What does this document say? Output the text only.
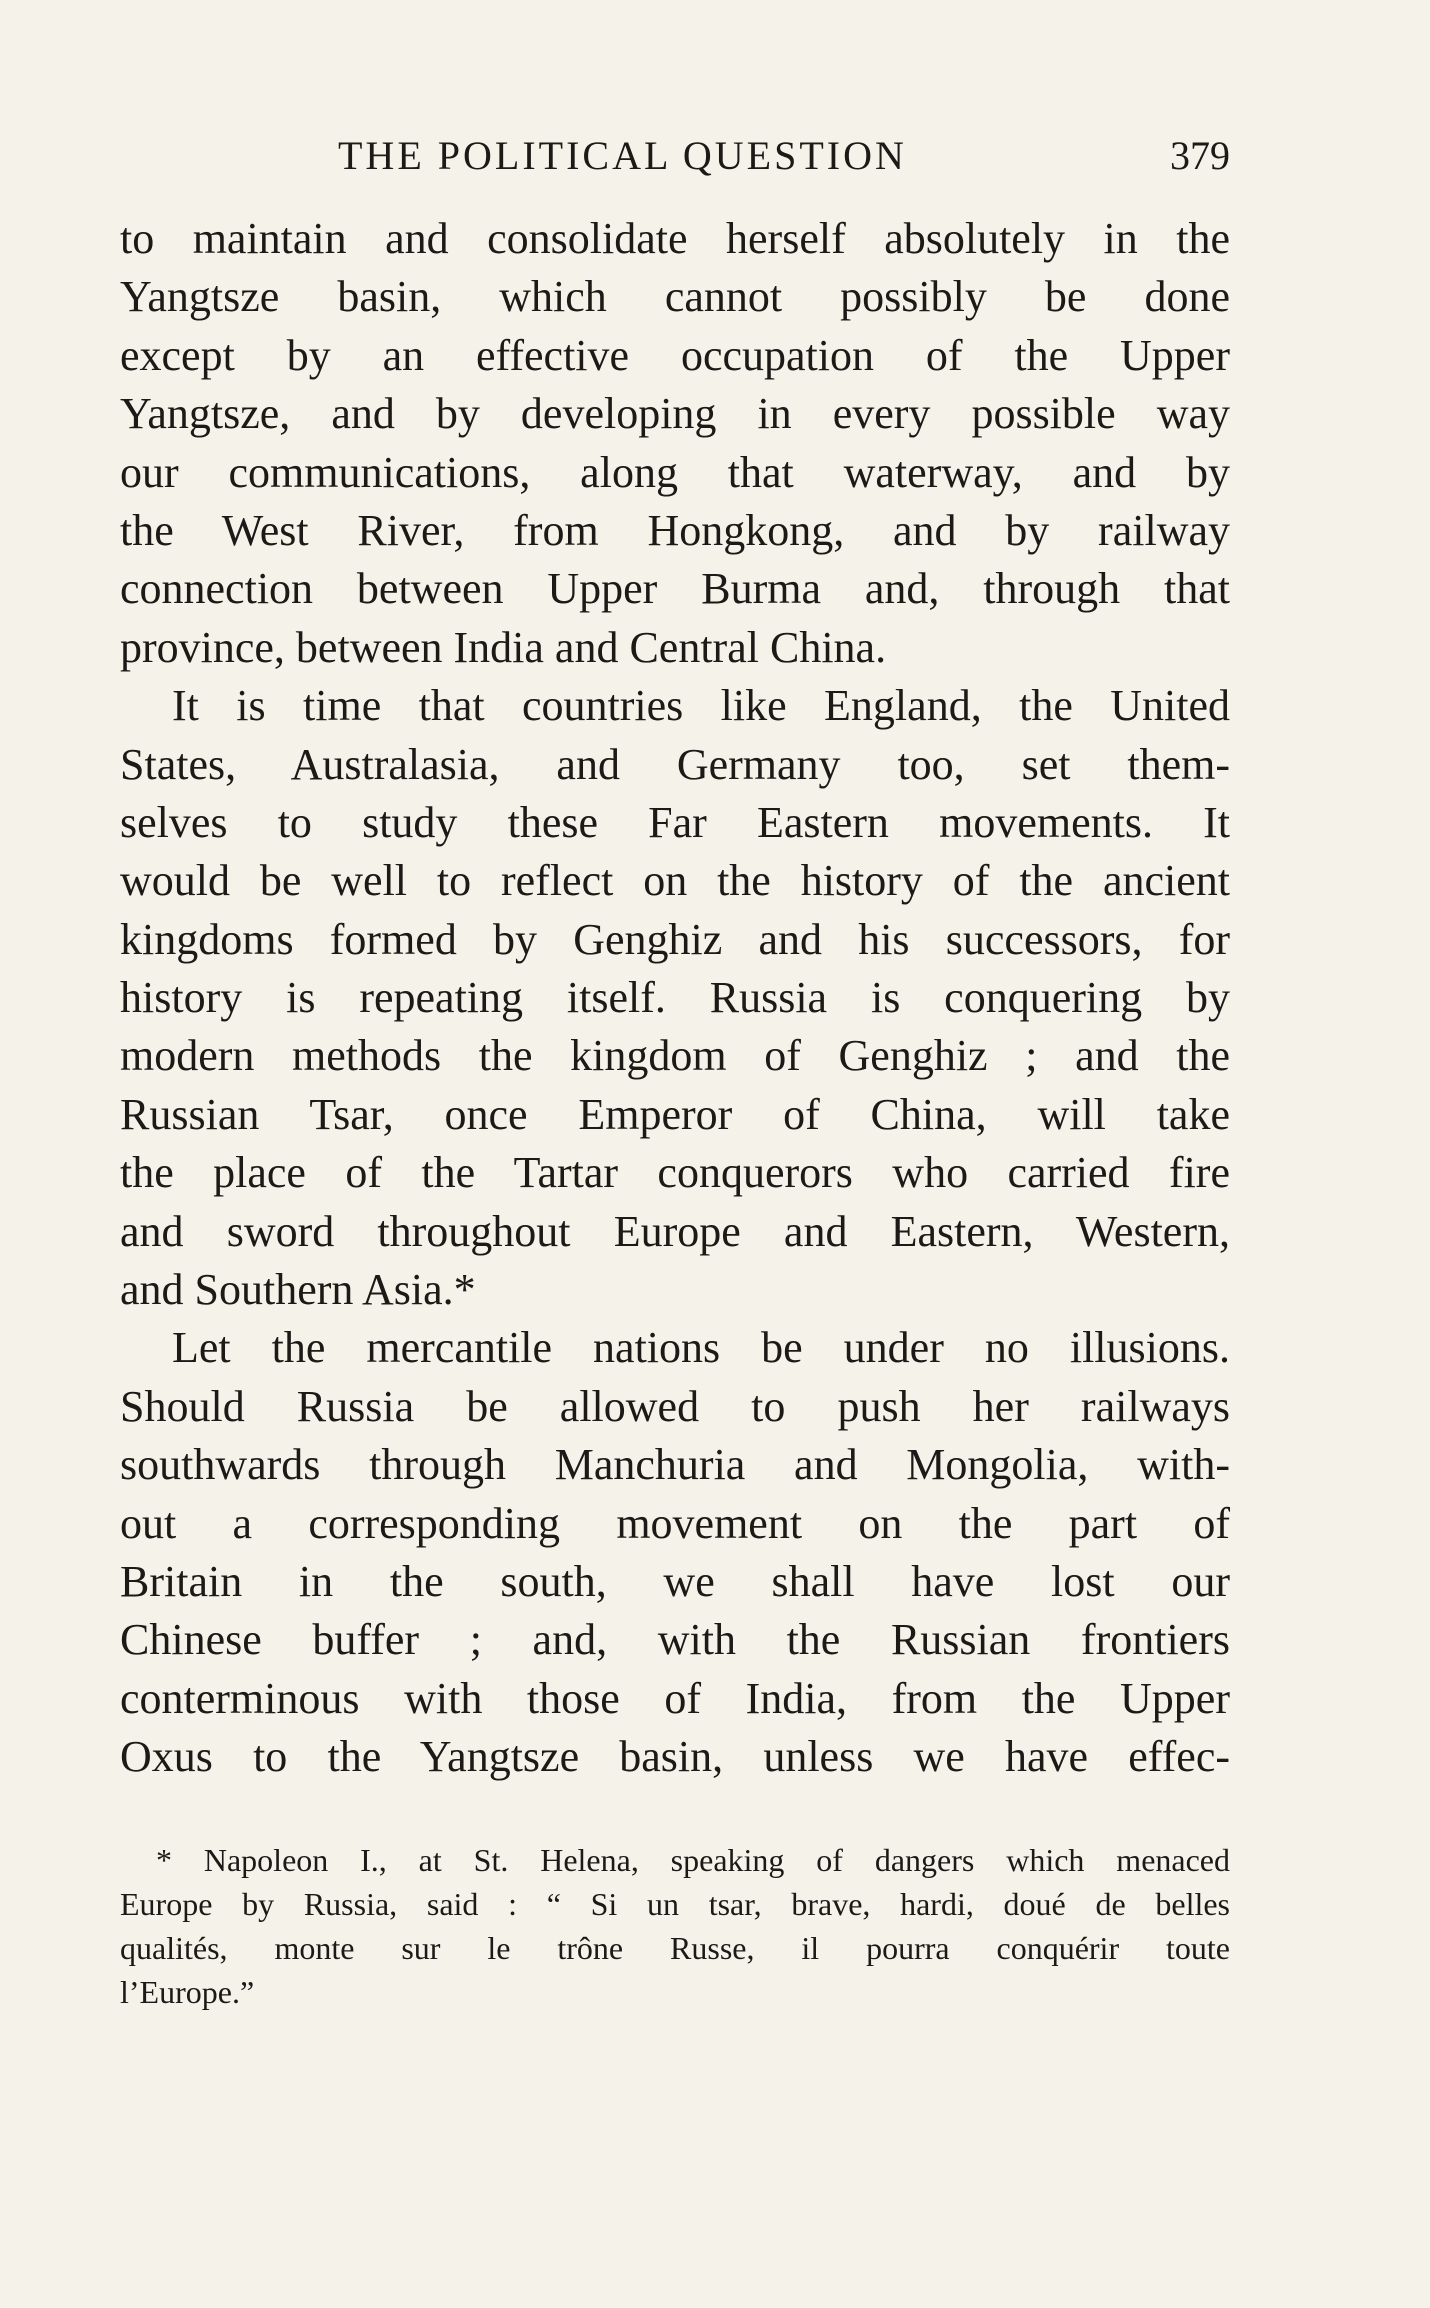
THE POLITICAL QUESTION	379
to maintain and consolidate herself absolutely in the
Yangtsze basin, which cannot possibly be done
except by an effective occupation of the Upper
Yangtsze, and by developing in every possible way
our communications, along that waterway, and by
the West River, from Hongkong, and by railway
connection between Upper Burma and, through that
province, between India and Central China.
It is time that countries like England, the United
States, Australasia, and Germany too, set them-
selves to study these Far Eastern movements. It
would be well to reflect on the history of the ancient
kingdoms formed by Genghiz and his successors, for
history is repeating itself. Russia is conquering by
modern methods the kingdom of Genghiz ; and the
Russian Tsar, once Emperor of China, will take
the place of the Tartar conquerors who carried fire
and sword throughout Europe and Eastern, Western,
and Southern Asia.*
Let the mercantile nations be under no illusions.
Should Russia be allowed to push her railways
southwards through Manchuria and Mongolia, with-
out a corresponding movement on the part of
Britain in the south, we shall have lost our
Chinese buffer ; and, with the Russian frontiers
conterminous with those of India, from the Upper
Oxus to the Yangtsze basin, unless we have effec-
* Napoleon I., at St. Helena, speaking of dangers which menaced
Europe by Russia, said : “ Si un tsar, brave, hardi, doué de belles
qualités, monte sur le trône Russe, il pourra conquérir toute
l’Europe.”
